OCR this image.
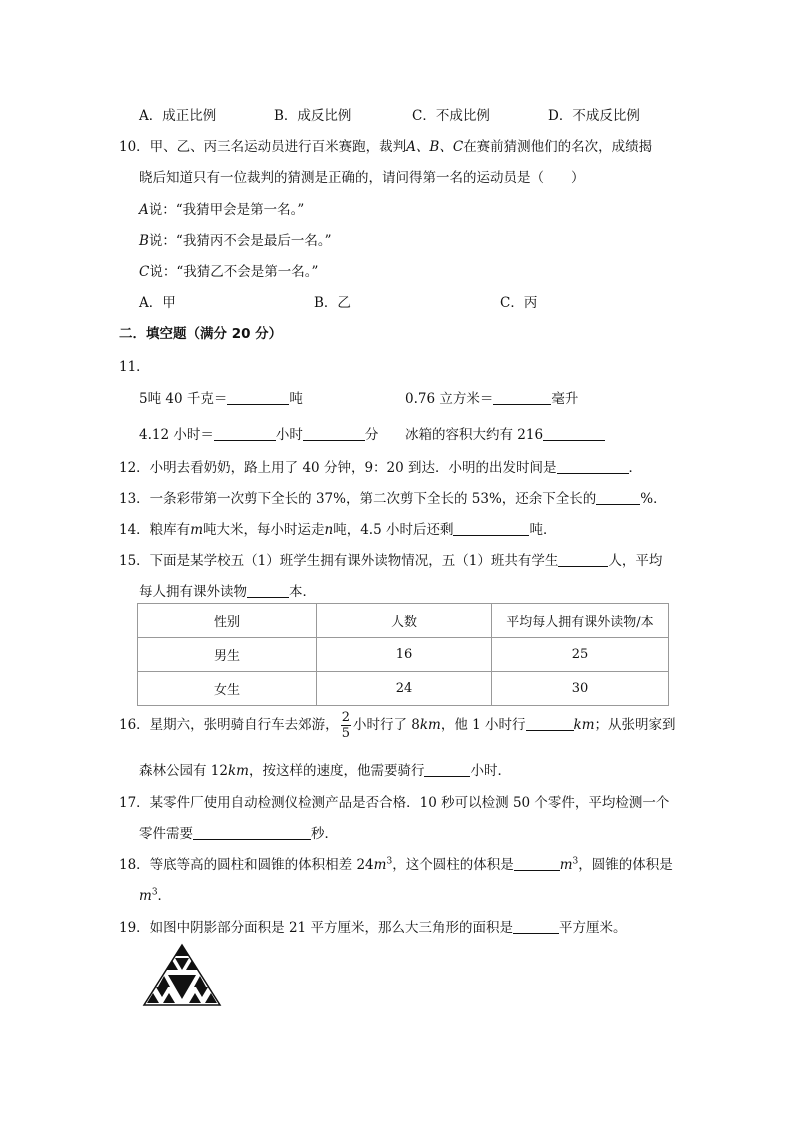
A．成正比例	B．成反比例	C．不成比例	D．不成反比例
10．甲、乙、丙三名运动员进行百米赛跑，裁判A、B、C在赛前猜测他们的名次，成绩揭
晓后知道只有一位裁判的猜测是正确的，请问得第一名的运动员是（　　）
A说：“我猜甲会是第一名。”
B说：“我猜丙不会是最后一名。”
C说：“我猜乙不会是第一名。”
A．甲	B．乙	C．丙
二．填空题（满分 20 分）
11．
5吨 40 千克＝	吨	0.76 立方米＝	毫升
4.12 小时＝	小时	分 冰箱的容积大约有 216
12．小明去看奶奶，路上用了 40 分钟，9：20 到达．小明的出发时间是	．
13．一条彩带第一次剪下全长的 37%，第二次剪下全长的 53%，还余下全长的	%．
14．粮库有m吨大米，每小时运走n吨，4.5 小时后还剩	吨．
15．下面是某学校五（1）班学生拥有课外读物情况，五（1）班共有学生	人，平均
每人拥有课外读物	本．
性别	人数	平均每人拥有课外读物/本
男生	16	25
女生	24	30
16．星期六，张明骑自行车去郊游， $\frac{2}{5}$ 小时行了 8km，他 1 小时行	km；从张明家到
森林公园有 12km，按这样的速度，他需要骑行	小时．
17．某零件厂使用自动检测仪检测产品是否合格．10 秒可以检测 50 个零件，平均检测一个
零件需要	秒．
18．等底等高的圆柱和圆锥的体积相差 $24m^3$，这个圆柱的体积是	$m^3$，圆锥的体积是
$m^3$．
19．如图中阴影部分面积是 21 平方厘米，那么大三角形的面积是	平方厘米。
